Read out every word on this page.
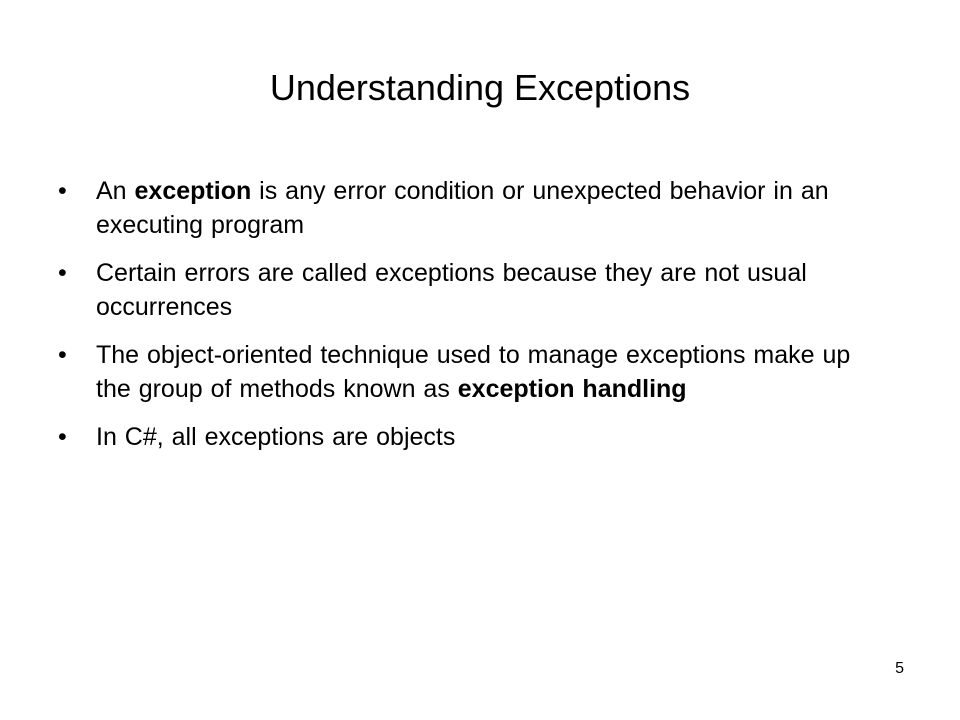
Understanding Exceptions
• An exception is any error condition or unexpected behavior in an executing program
• Certain errors are called exceptions because they are not usual occurrences
• The object-oriented technique used to manage exceptions make up the group of methods known as exception handling
• In C#, all exceptions are objects
5
